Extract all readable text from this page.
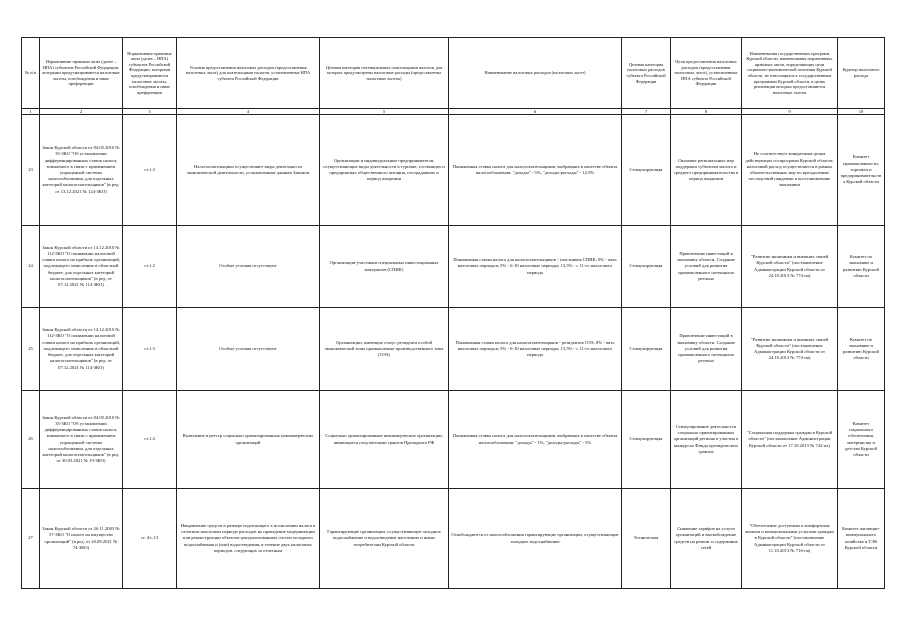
№ п/п	Нормативные правовые акты (далее – НПА) субъектов Российской Федерации, которыми предусматриваются налоговые льготы, освобождения и иные преференции	Нормативные правовые акты (далее – НПА) субъектов Российской Федерации, которыми предусматриваются налоговые льготы, освобождения и иные преференции	Условия предоставления налоговых расходов (предоставления налоговых льгот) для плательщиков налогов, установленные НПА субъекта Российской Федерации	Целевая категория потенциальных плательщиков налогов, для которых предусмотрены налоговые расходы (предоставлены налоговые льготы)	Наименование налоговых расходов (налоговых льгот)	Целевая категория налоговых расходов субъекта Российской Федерации	Цели предоставления налоговых расходов (предоставления налоговых льгот), установленные НПА субъекта Российской Федерации	Наименования государственных программ Курской области, наименования нормативных правовых актов, определяющих цели социально-экономической политики Курской области, не относящихся к государственным программам Курской области, в целях реализации которых предоставляются налоговые льготы	Куратор налогового расхода
1	2	3	4	5	6	7	8	9	10
23	Закон Курской области от 04.05.2010 № 35-ЗКО "Об установлении дифференцированных ставок налога, взимаемого в связи с применением упрощенной системы налогообложения, для отдельных категорий налогоплательщиков" (в ред. от 13.12.2021 № 124-ЗКО)	ст.1.3	Налогоплательщики осуществляют виды деятельности экономической деятельности, установленные данным Законом	Организации и индивидуальные предприниматели, осуществляющие виды деятельности в туризме, гостиницах и предприятиях общественного питания, пострадавших в период пандемии	Пониженная ставка налога для налогоплательщиков, выбравших в качестве объекта налогообложения: "доходы" - 5%; "доходы-расходы" - 12,5%	Стимулирующая	Оказание региональных мер поддержки субъектам малого и среднего предпринимательства в период пандемии	Не соответствует конкретным целям действующих госпрограмм Курской области, налоговый расход осуществляется в рамках обязательственных мер по преодолению последствий пандемии и восстановлению экономики	Комитет промышленности, торговли и предпринимательства Курской области
24	Закон Курской области от 14.12.2010 № 112-ЗКО "О понижении налоговой ставки налога на прибыль организаций, подлежащего зачислению в областной бюджет, для отдельных категорий налогоплательщиков" (в ред. от 07.12.2021 № 114-ЗКО)	ст.1.2	Особые условия отсутствуют	Организации-участники специальных инвестиционных контрактов (СПИК)	Пониженная ставка налога для налогоплательщиков - участников СПИК: 0% - пять налоговых периодов; 5% - 6-10 налоговые периоды; 13,5% - с 11-го налогового периода	Стимулирующая	Привлечение инвестиций в экономику области. Создание условий для развития промышленного потенциала региона	"Развитие экономики и внешних связей Курской области" (постановление Администрации Курской области от 24.10.2013 № 774-па)	Комитет по экономике и развитию Курской области
25	Закон Курской области от 14.12.2010 № 112-ЗКО "О понижении налоговой ставки налога на прибыль организаций, подлежащего зачислению в областной бюджет, для отдельных категорий налогоплательщиков" (в ред. от 07.12.2021 № 114-ЗКО)	ст.1.3	Особые условия отсутствуют	Организации, имеющие статус резидента особой экономической зоны промышленно-производственного типа (ОЭЗ)	Пониженная ставка налога для налогоплательщиков - резидентов ОЭЗ: 0% - пять налоговых периодов; 5% - 6-10 налоговые периоды; 13,5% - с 11-го налогового периода	Стимулирующая	Привлечение инвестиций в экономику области. Создание условий для развития промышленного потенциала региона	"Развитие экономики и внешних связей Курской области" (постановление Администрации Курской области от 24.10.2013 № 774-па)	Комитет по экономике и развитию Курской области
26	Закон Курской области от 04.05.2010 № 35-ЗКО "Об установлении дифференцированных ставок налога, взимаемого в связи с применением упрощенной системы налогообложения, для отдельных категорий налогоплательщиков" (в ред. от 30.03.2021 № 19-ЗКО)	ст.1.4	Включение в реестр социально ориентированных некоммерческих организаций	Социально ориентированные некоммерческие организации, являющиеся получателями грантов Президента РФ	Пониженная ставка налога для налогоплательщиков, выбравших в качестве объекта налогообложения: "доходы" - 1%; "доходы-расходы" - 5%	Стимулирующая	Стимулирование деятельности социально ориентированных организаций региона в участии в конкурсах Фонда президентских грантов	"Социальная поддержка граждан в Курской области" (постановление Администрации Курской области от 17.10.2013 № 742-па)	Комитет социального обеспечения, материнства и детства Курской области
27	Закон Курской области от 26.11.2003 № 57-ЗКО "О налоге на имущество организаций" (в ред. от 20.08.2021 № 74-ЗКО)	ст. 4/с.13	Направление средств в размере подлежащего к исчислению налога в отчетном налоговом периоде расходов на проведение модернизации или реконструкции объектов централизованных систем холодного водоснабжения и (или) водоотведения, в течение двух налоговых периодов, следующих за отчетным	Гарантирующие организации, осуществляющие холодное водоснабжение и водоотведение населению и иным потребителям Курской области	Освобождаются от налогообложения гарантирующие организации, осуществляющие холодное водоснабжение	Техническая	Снижение тарифов на услуги организаций и высвобождение средств на ремонт и содержание сетей	"Обеспечение доступным и комфортным жильем и коммунальными услугами граждан в Курской области" (постановление Администрации Курской области от 11.10.2013 № 716-па)	Комитет жилищно-коммунального хозяйства и ТЭК Курской области
